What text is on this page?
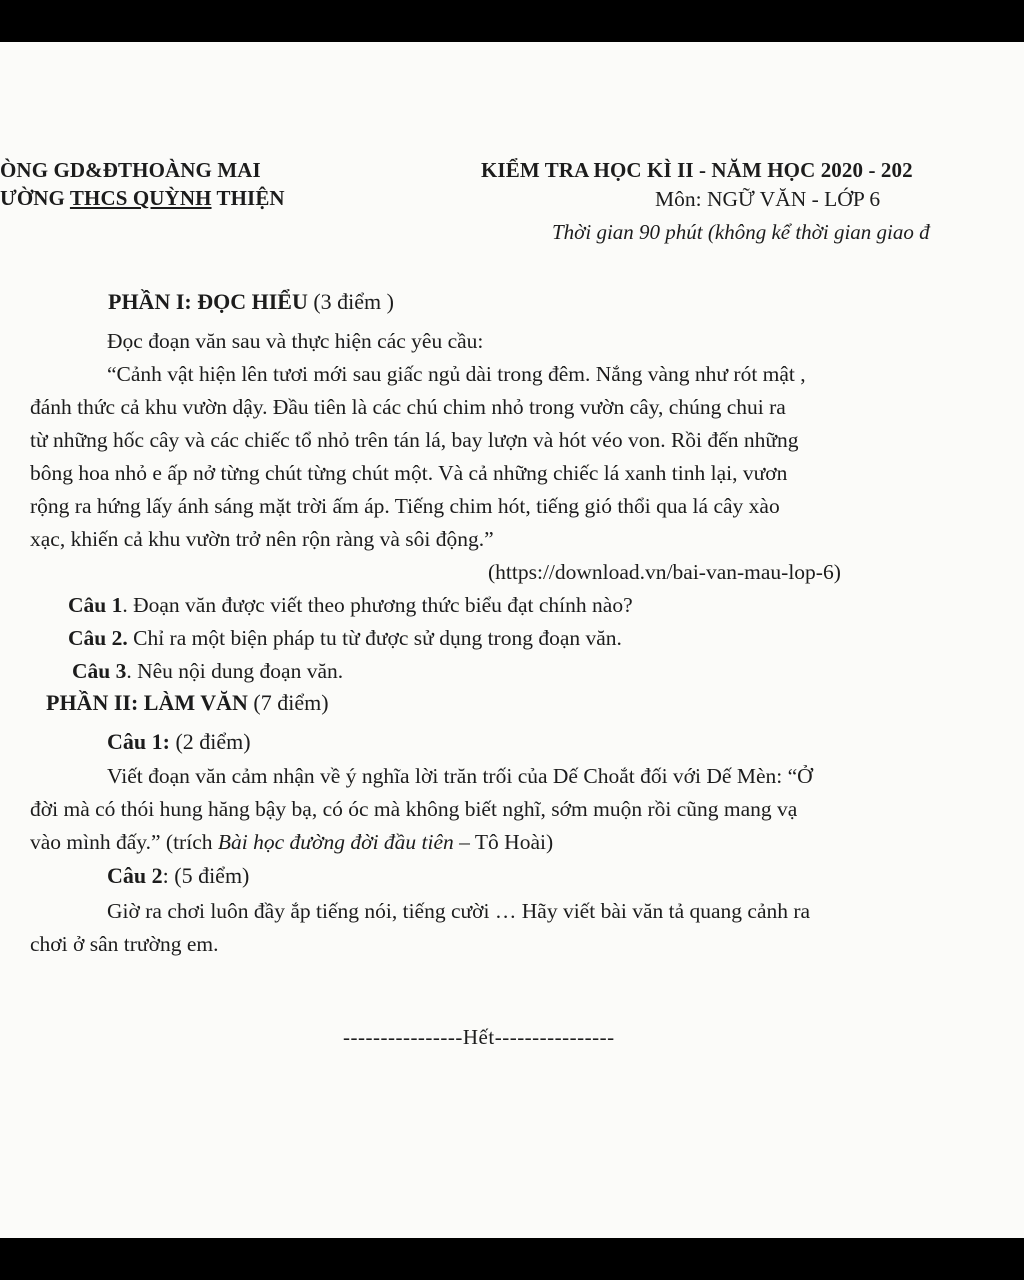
ÒNG GD&ĐTHOÀNG MAI
ƯỜNG THCS QUỲNH THIỆN
KIỂM TRA HỌC KÌ II - NĂM HỌC 2020 - 202
Môn: NGỮ VĂN - LỚP 6
Thời gian 90 phút (không kể thời gian giao đ
PHẦN I: ĐỌC HIỂU (3 điểm )
Đọc đoạn văn sau và thực hiện các yêu cầu:
“Cảnh vật hiện lên tươi mới sau giấc ngủ dài trong đêm. Nắng vàng như rót mật ,
đánh thức cả khu vườn dậy. Đầu tiên là các chú chim nhỏ trong vườn cây, chúng chui ra
từ những hốc cây và các chiếc tổ nhỏ trên tán lá, bay lượn và hót véo von. Rồi đến những
bông hoa nhỏ e ấp nở từng chút từng chút một. Và cả những chiếc lá xanh tinh lại, vươn
rộng ra hứng lấy ánh sáng mặt trời ấm áp. Tiếng chim hót, tiếng gió thổi qua lá cây xào
xạc, khiến cả khu vườn trở nên rộn ràng và sôi động.”
(https://download.vn/bai-van-mau-lop-6)
Câu 1. Đoạn văn được viết theo phương thức biểu đạt chính nào?
Câu 2. Chỉ ra một biện pháp tu từ được sử dụng trong đoạn văn.
Câu 3. Nêu nội dung đoạn văn.
PHẦN II: LÀM VĂN (7 điểm)
Câu 1: (2 điểm)
Viết đoạn văn cảm nhận về ý nghĩa lời trăn trối của Dế Choắt đối với Dế Mèn: “Ở
đời mà có thói hung hăng bậy bạ, có óc mà không biết nghĩ, sớm muộn rồi cũng mang vạ
vào mình đấy.” (trích Bài học đường đời đầu tiên – Tô Hoài)
Câu 2: (5 điểm)
Giờ ra chơi luôn đầy ắp tiếng nói, tiếng cười … Hãy viết bài văn tả quang cảnh ra
chơi ở sân trường em.
----------------Hết----------------
